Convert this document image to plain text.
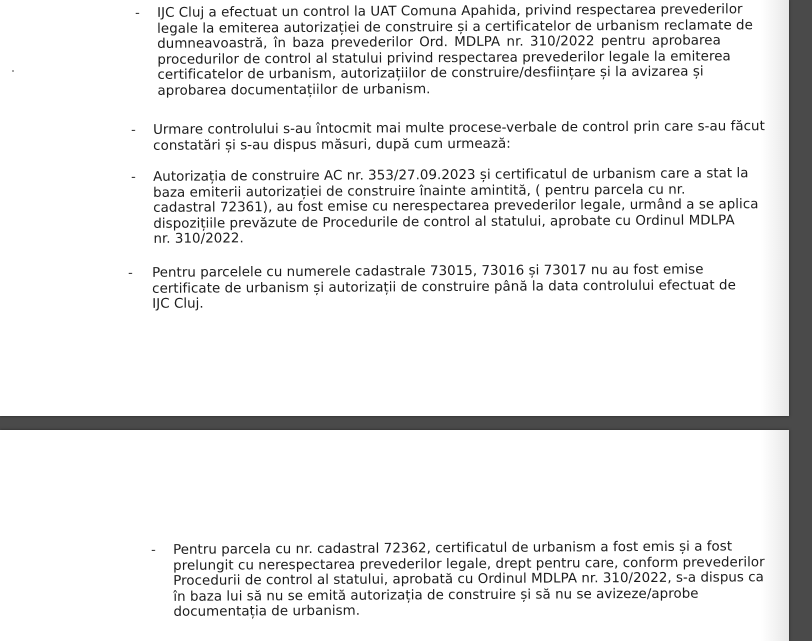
- IJC Cluj a efectuat un control la UAT Comuna Apahida, privind respectarea prevederilor
legale la emiterea autorizației de construire și a certificatelor de urbanism reclamate de
dumneavoastră, în baza prevederilor Ord. MDLPA nr. 310/2022 pentru aprobarea
procedurilor de control al statului privind respectarea prevederilor legale la emiterea
certificatelor de urbanism, autorizațiilor de construire/desființare și la avizarea și
aprobarea documentațiilor de urbanism.
- Urmare controlului s-au întocmit mai multe procese-verbale de control prin care s-au făcut
constatări și s-au dispus măsuri, după cum urmează:
- Autorizația de construire AC nr. 353/27.09.2023 și certificatul de urbanism care a stat la
baza emiterii autorizației de construire înainte amintită, ( pentru parcela cu nr.
cadastral 72361), au fost emise cu nerespectarea prevederilor legale, urmând a se aplica
dispozițiile prevăzute de Procedurile de control al statului, aprobate cu Ordinul MDLPA
nr. 310/2022.
- Pentru parcelele cu numerele cadastrale 73015, 73016 și 73017 nu au fost emise
certificate de urbanism și autorizații de construire până la data controlului efectuat de
IJC Cluj.
- Pentru parcela cu nr. cadastral 72362, certificatul de urbanism a fost emis și a fost
prelungit cu nerespectarea prevederilor legale, drept pentru care, conform prevederilor
Procedurii de control al statului, aprobată cu Ordinul MDLPA nr. 310/2022, s-a dispus ca
în baza lui să nu se emită autorizația de construire și să nu se avizeze/aprobe
documentația de urbanism.
